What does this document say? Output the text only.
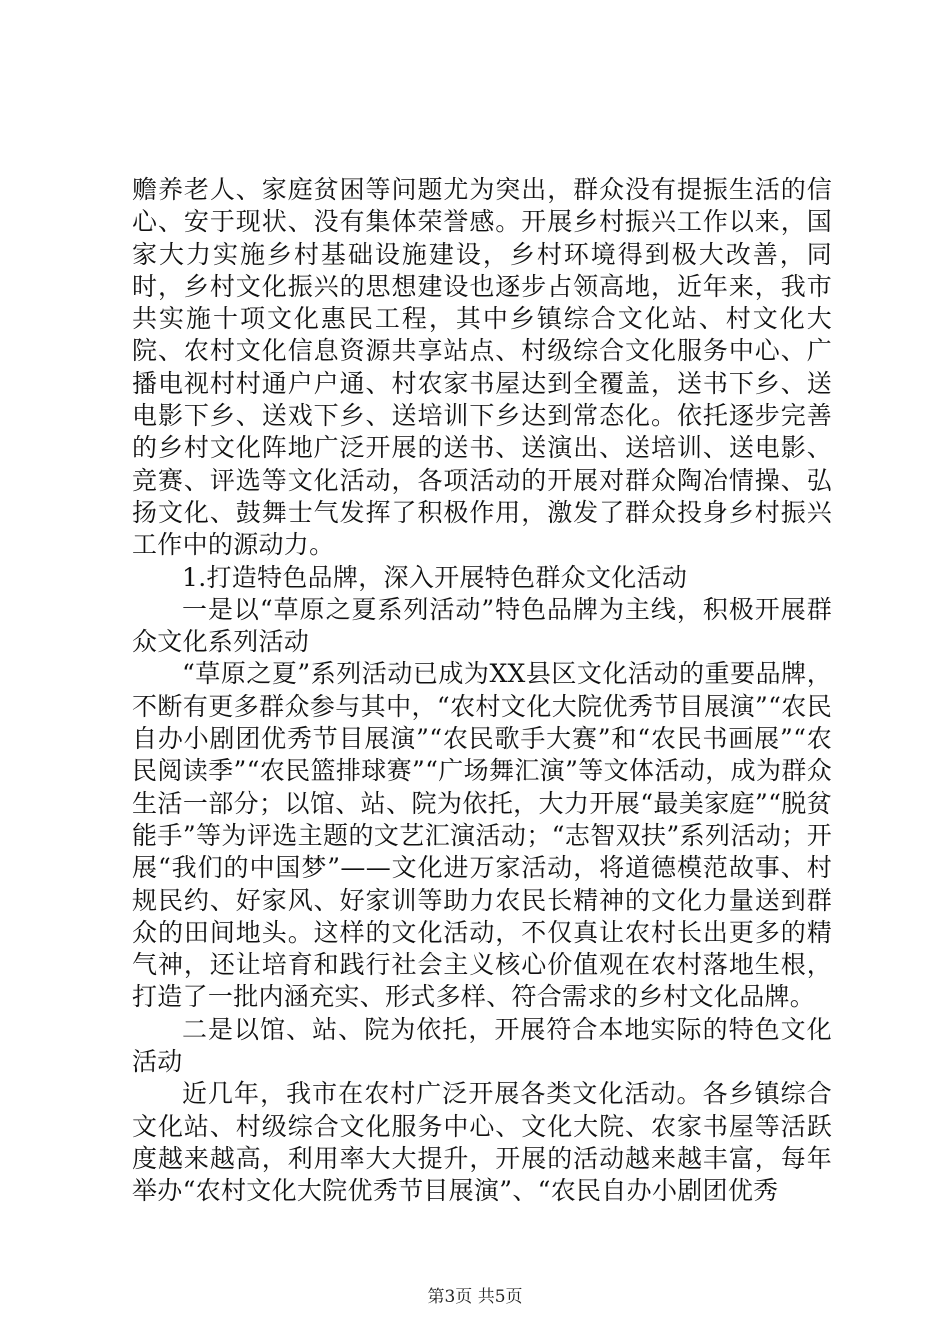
赡养老人、家庭贫困等问题尤为突出，群众没有提振生活的信心、安于现状、没有集体荣誉感。开展乡村振兴工作以来，国家大力实施乡村基础设施建设，乡村环境得到极大改善，同时，乡村文化振兴的思想建设也逐步占领高地，近年来，我市共实施十项文化惠民工程，其中乡镇综合文化站、村文化大院、农村文化信息资源共享站点、村级综合文化服务中心、广播电视村村通户户通、村农家书屋达到全覆盖，送书下乡、送电影下乡、送戏下乡、送培训下乡达到常态化。依托逐步完善的乡村文化阵地广泛开展的送书、送演出、送培训、送电影、竞赛、评选等文化活动，各项活动的开展对群众陶冶情操、弘扬文化、鼓舞士气发挥了积极作用，激发了群众投身乡村振兴工作中的源动力。

1.打造特色品牌，深入开展特色群众文化活动

一是以“草原之夏系列活动”特色品牌为主线，积极开展群众文化系列活动

“草原之夏”系列活动已成为XX县区文化活动的重要品牌，不断有更多群众参与其中，“农村文化大院优秀节目展演”“农民自办小剧团优秀节目展演”“农民歌手大赛”和“农民书画展”“农民阅读季”“农民篮排球赛”“广场舞汇演”等文体活动，成为群众生活一部分；以馆、站、院为依托，大力开展“最美家庭”“脱贫能手”等为评选主题的文艺汇演活动；“志智双扶”系列活动；开展“我们的中国梦”——文化进万家活动，将道德模范故事、村规民约、好家风、好家训等助力农民长精神的文化力量送到群众的田间地头。这样的文化活动，不仅真让农村长出更多的精气神，还让培育和践行社会主义核心价值观在农村落地生根，打造了一批内涵充实、形式多样、符合需求的乡村文化品牌。

二是以馆、站、院为依托，开展符合本地实际的特色文化活动

近几年，我市在农村广泛开展各类文化活动。各乡镇综合文化站、村级综合文化服务中心、文化大院、农家书屋等活跃度越来越高，利用率大大提升，开展的活动越来越丰富，每年举办“农村文化大院优秀节目展演”、“农民自办小剧团优秀

第3页 共5页
